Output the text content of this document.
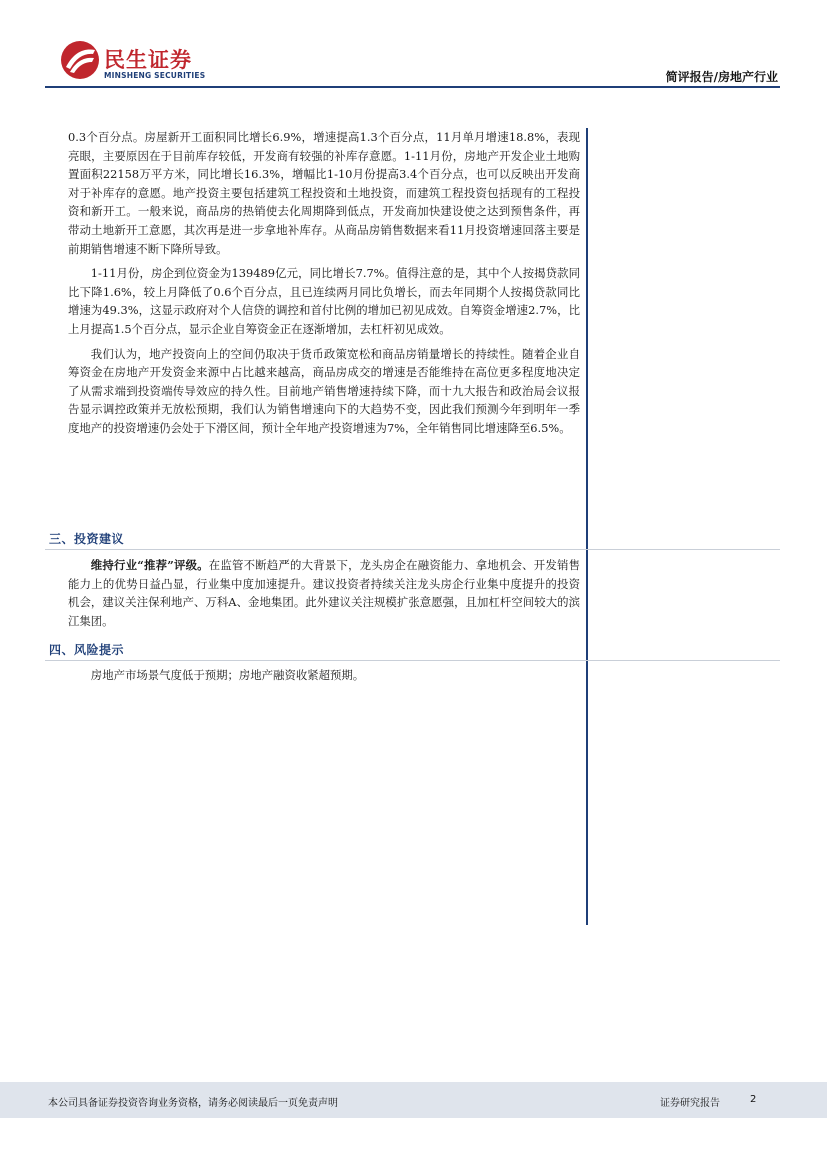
民生证券
MINSHENG SECURITIES	简评报告/房地产行业

0.3个百分点。房屋新开工面积同比增长6.9%，增速提高1.3个百分点，11月单月增速18.8%，表现亮眼，主要原因在于目前库存较低，开发商有较强的补库存意愿。1-11月份，房地产开发企业土地购置面积22158万平方米，同比增长16.3%，增幅比1-10月份提高3.4个百分点，也可以反映出开发商对于补库存的意愿。地产投资主要包括建筑工程投资和土地投资，而建筑工程投资包括现有的工程投资和新开工。一般来说，商品房的热销使去化周期降到低点，开发商加快建设使之达到预售条件，再带动土地新开工意愿，其次再是进一步拿地补库存。从商品房销售数据来看11月投资增速回落主要是前期销售增速不断下降所导致。

1-11月份，房企到位资金为139489亿元，同比增长7.7%。值得注意的是，其中个人按揭贷款同比下降1.6%，较上月降低了0.6个百分点，且已连续两月同比负增长，而去年同期个人按揭贷款同比增速为49.3%，这显示政府对个人信贷的调控和首付比例的增加已初见成效。自筹资金增速2.7%，比上月提高1.5个百分点，显示企业自筹资金正在逐渐增加，去杠杆初见成效。

我们认为，地产投资向上的空间仍取决于货币政策宽松和商品房销量增长的持续性。随着企业自筹资金在房地产开发资金来源中占比越来越高，商品房成交的增速是否能维持在高位更多程度地决定了从需求端到投资端传导效应的持久性。目前地产销售增速持续下降，而十九大报告和政治局会议报告显示调控政策并无放松预期，我们认为销售增速向下的大趋势不变，因此我们预测今年到明年一季度地产的投资增速仍会处于下滑区间，预计全年地产投资增速为7%，全年销售同比增速降至6.5%。

三、投资建议

维持行业“推荐”评级。在监管不断趋严的大背景下，龙头房企在融资能力、拿地机会、开发销售能力上的优势日益凸显，行业集中度加速提升。建议投资者持续关注龙头房企行业集中度提升的投资机会，建议关注保利地产、万科A、金地集团。此外建议关注规模扩张意愿强，且加杠杆空间较大的滨江集团。

四、风险提示

房地产市场景气度低于预期；房地产融资收紧超预期。

本公司具备证券投资咨询业务资格，请务必阅读最后一页免责声明	证券研究报告	2
